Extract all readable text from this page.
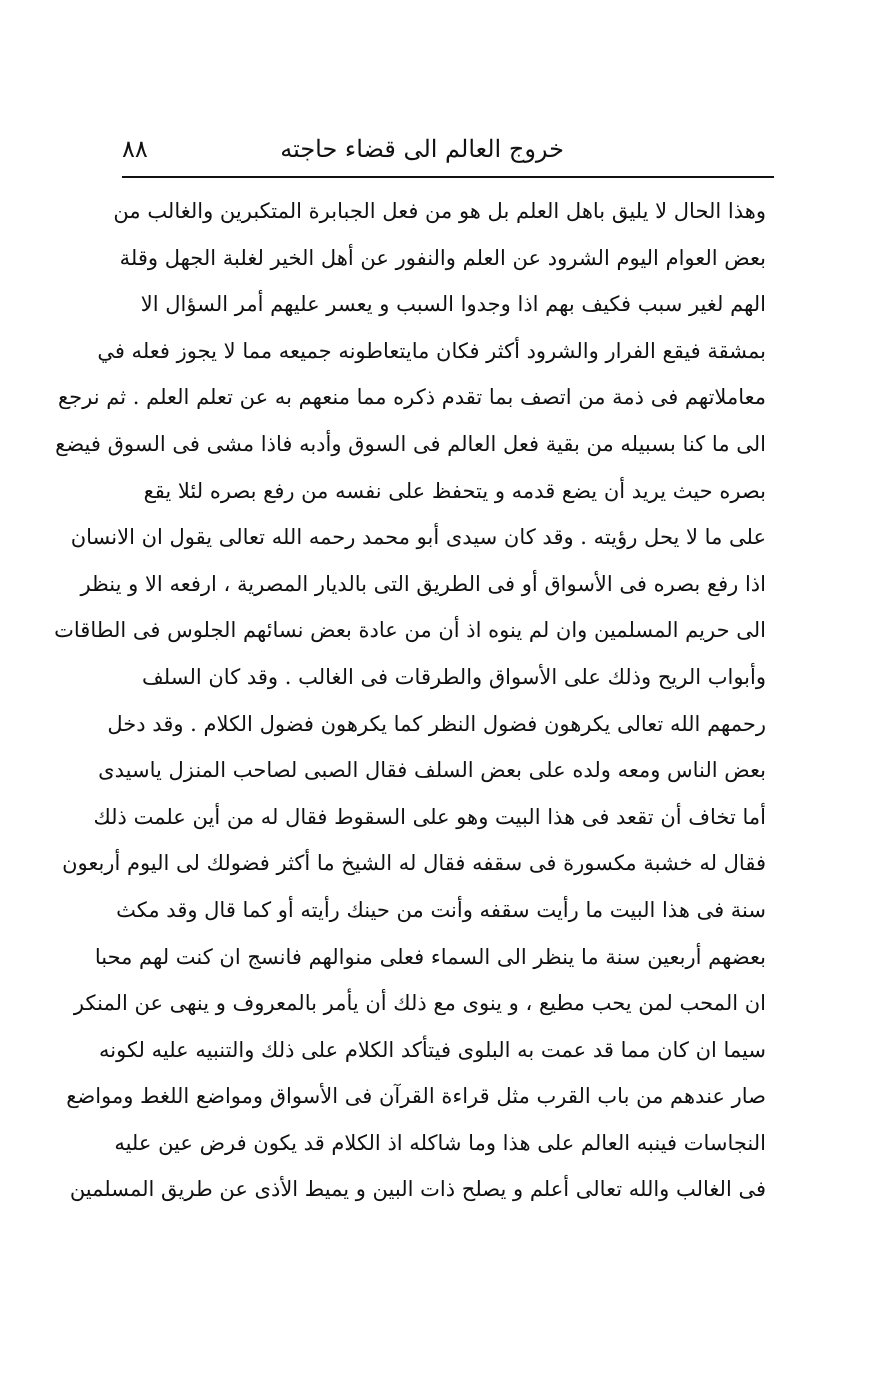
خروج العالم الى قضاء حاجته
٨٨
وهذا الحال لا يليق باهل العلم بل هو من فعل الجبابرة المتكبرين والغالب من
بعض العوام اليوم الشرود عن العلم والنفور عن أهل الخير لغلبة الجهل وقلة
الهم لغير سبب فكيف بهم اذا وجدوا السبب و يعسر عليهم أمر السؤال الا
بمشقة فيقع الفرار والشرود أكثر فكان مايتعاطونه جميعه مما لا يجوز فعله في
معاملاتهم فى ذمة من اتصف بما تقدم ذكره مما منعهم به عن تعلم العلم . ثم نرجع
الى ما كنا بسبيله من بقية فعل العالم فى السوق وأدبه فاذا مشى فى السوق فيضع
بصره حيث يريد أن يضع قدمه و يتحفظ على نفسه من رفع بصره لئلا يقع
على ما لا يحل رؤيته . وقد كان سيدى أبو محمد رحمه الله تعالى يقول ان الانسان
اذا رفع بصره فى الأسواق أو فى الطريق التى بالديار المصرية ، ارفعه الا و ينظر
الى حريم المسلمين وان لم ينوه اذ أن من عادة بعض نسائهم الجلوس فى الطاقات
وأبواب الريح وذلك على الأسواق والطرقات فى الغالب . وقد كان السلف
رحمهم الله تعالى يكرهون فضول النظر كما يكرهون فضول الكلام . وقد دخل
بعض الناس ومعه ولده على بعض السلف فقال الصبى لصاحب المنزل ياسيدى
أما تخاف أن تقعد فى هذا البيت وهو على السقوط فقال له من أين علمت ذلك
فقال له خشبة مكسورة فى سقفه فقال له الشيخ ما أكثر فضولك لى اليوم أربعون
سنة فى هذا البيت ما رأيت سقفه وأنت من حينك رأيته أو كما قال وقد مكث
بعضهم أربعين سنة ما ينظر الى السماء فعلى منوالهم فانسج ان كنت لهم محبا
ان المحب لمن يحب مطيع ، و ينوى مع ذلك أن يأمر بالمعروف و ينهى عن المنكر
سيما ان كان مما قد عمت به البلوى فيتأكد الكلام على ذلك والتنبيه عليه لكونه
صار عندهم من باب القرب مثل قراءة القرآن فى الأسواق ومواضع اللغط ومواضع
النجاسات فينبه العالم على هذا وما شاكله اذ الكلام قد يكون فرض عين عليه
فى الغالب والله تعالى أعلم و يصلح ذات البين و يميط الأذى عن طريق المسلمين
